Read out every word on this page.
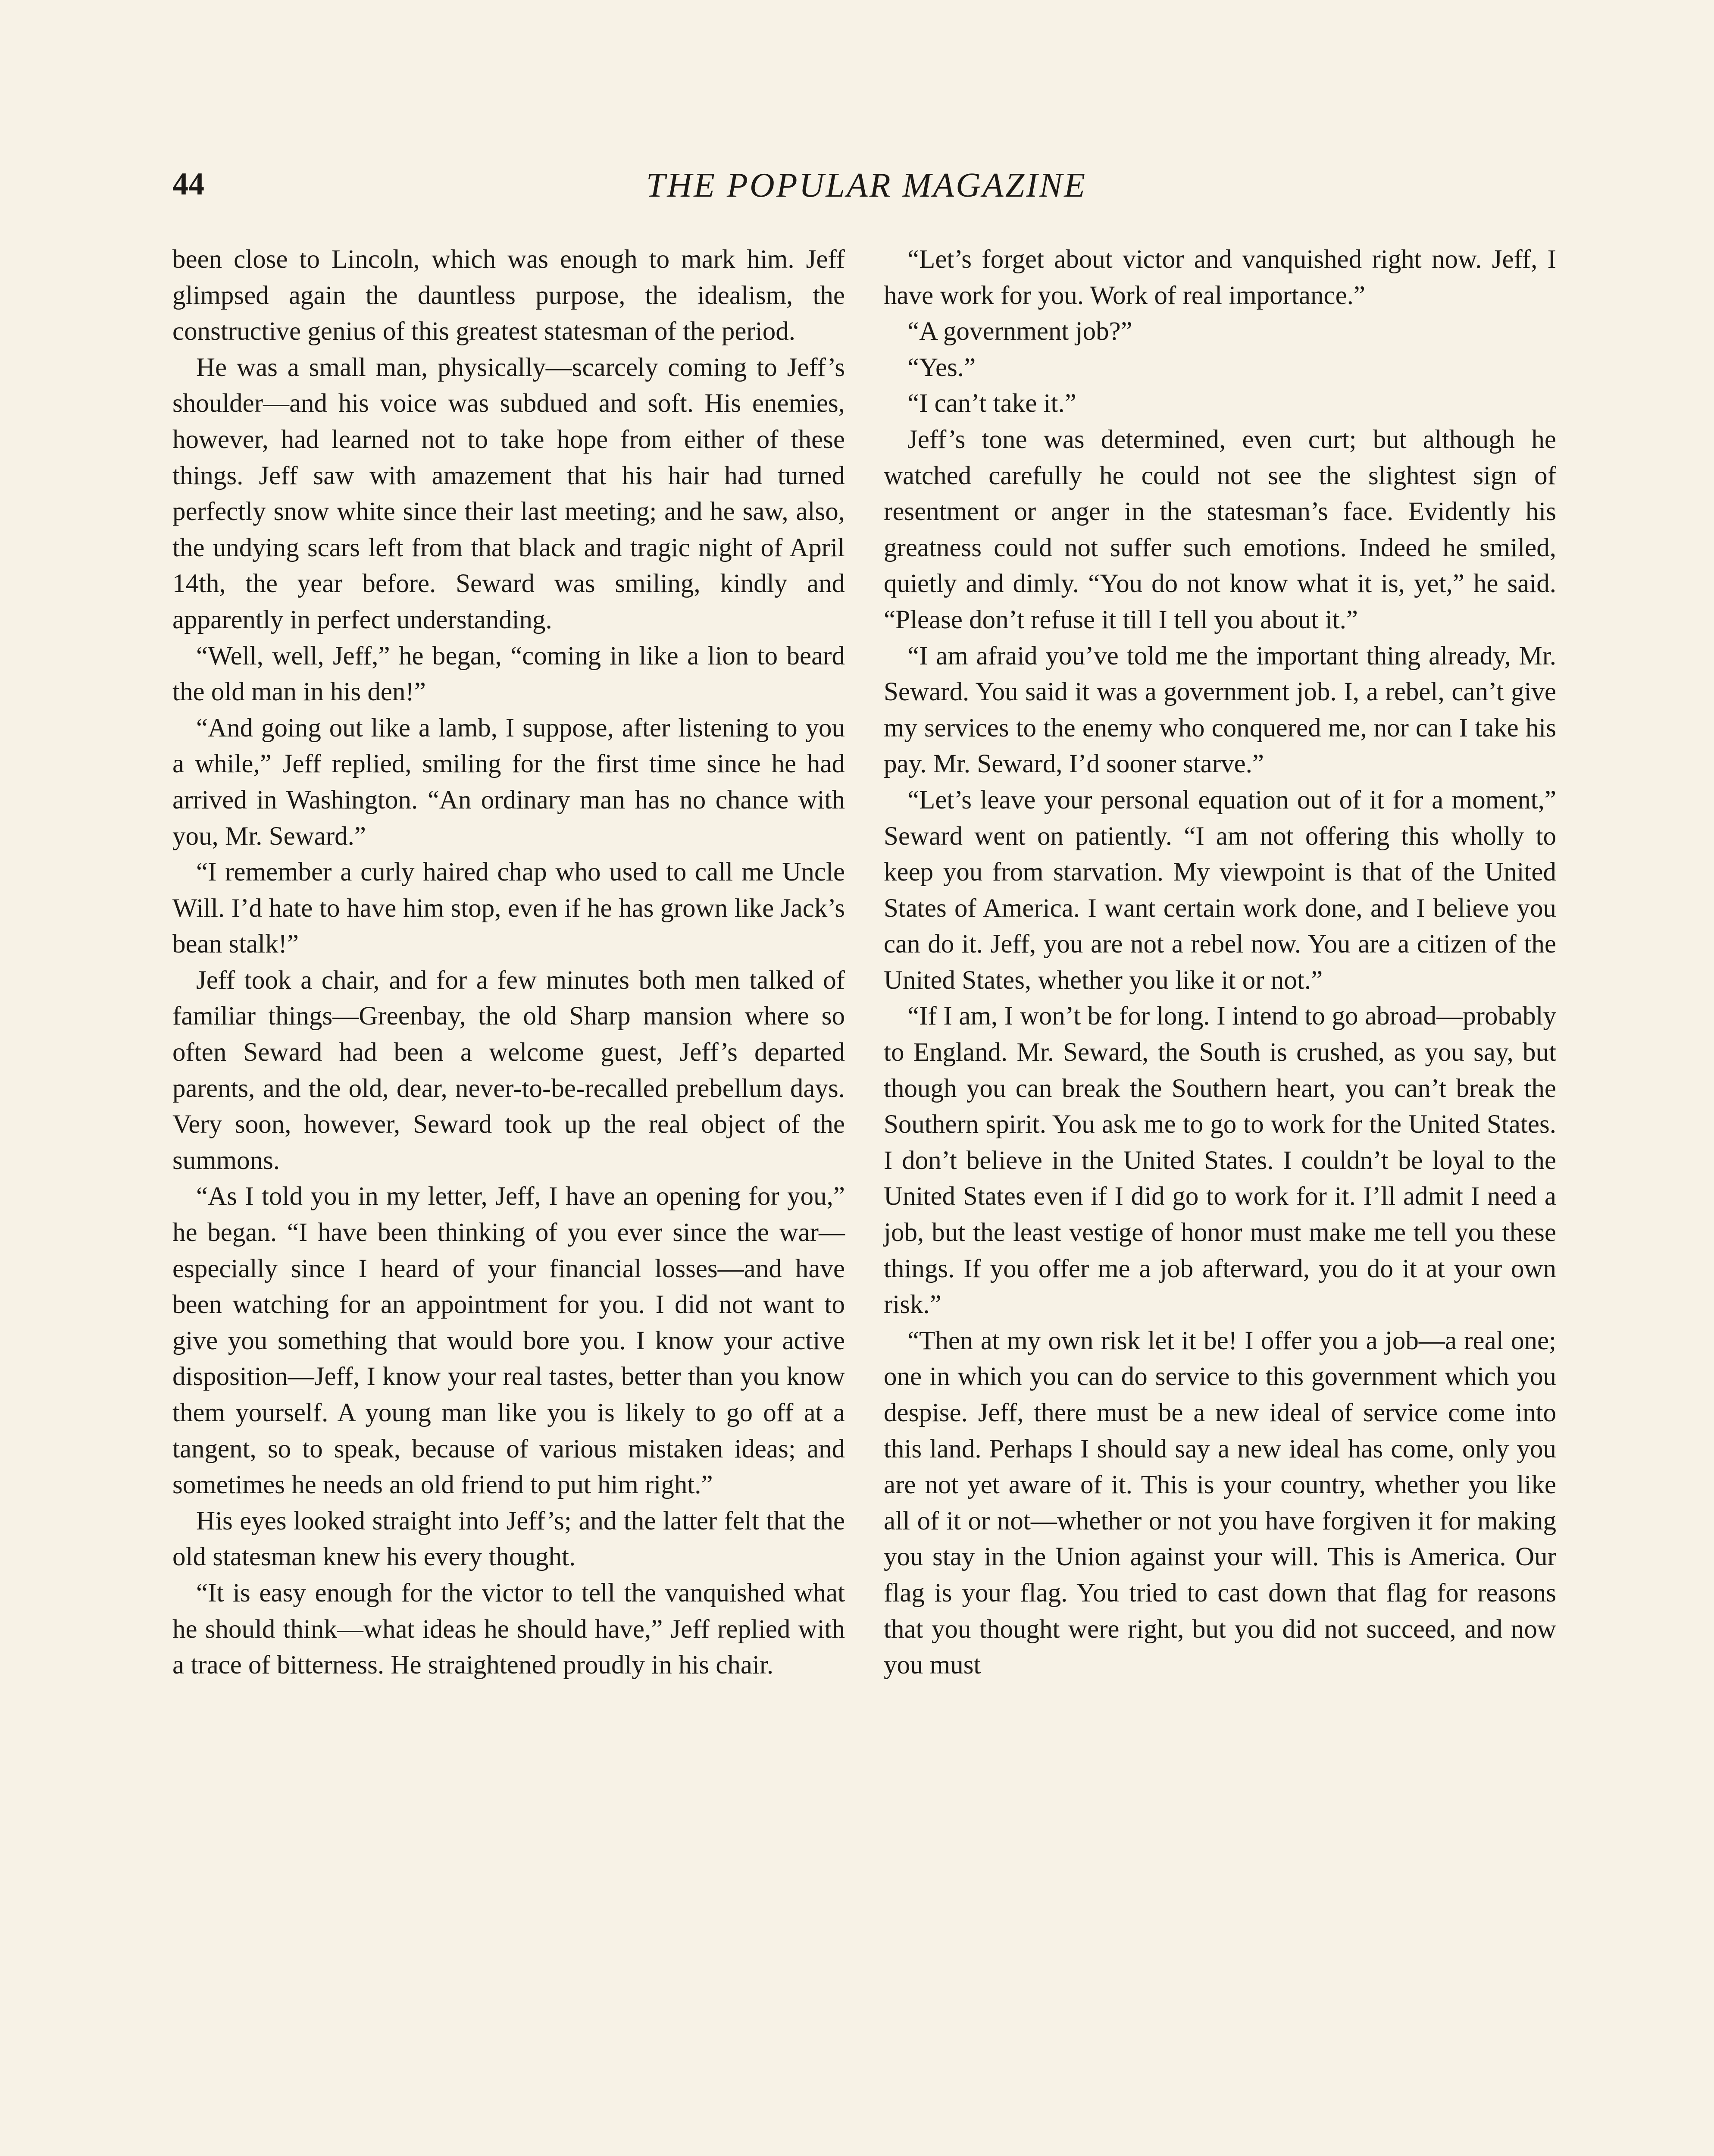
44	THE POPULAR MAGAZINE

been close to Lincoln, which was enough to mark him. Jeff glimpsed again the dauntless purpose, the idealism, the constructive genius of this greatest statesman of the period.

He was a small man, physically—scarcely coming to Jeff’s shoulder—and his voice was subdued and soft. His enemies, however, had learned not to take hope from either of these things. Jeff saw with amazement that his hair had turned perfectly snow white since their last meeting; and he saw, also, the undying scars left from that black and tragic night of April 14th, the year before. Seward was smiling, kindly and apparently in perfect understanding.

“Well, well, Jeff,” he began, “coming in like a lion to beard the old man in his den!”

“And going out like a lamb, I suppose, after listening to you a while,” Jeff replied, smiling for the first time since he had arrived in Washington. “An ordinary man has no chance with you, Mr. Seward.”

“I remember a curly haired chap who used to call me Uncle Will. I’d hate to have him stop, even if he has grown like Jack’s bean stalk!”

Jeff took a chair, and for a few minutes both men talked of familiar things—Greenbay, the old Sharp mansion where so often Seward had been a welcome guest, Jeff’s departed parents, and the old, dear, never-to-be-recalled prebellum days. Very soon, however, Seward took up the real object of the summons.

“As I told you in my letter, Jeff, I have an opening for you,” he began. “I have been thinking of you ever since the war—especially since I heard of your financial losses—and have been watching for an appointment for you. I did not want to give you something that would bore you. I know your active disposition—Jeff, I know your real tastes, better than you know them yourself. A young man like you is likely to go off at a tangent, so to speak, because of various mistaken ideas; and sometimes he needs an old friend to put him right.”

His eyes looked straight into Jeff’s; and the latter felt that the old statesman knew his every thought.

“It is easy enough for the victor to tell the vanquished what he should think—what ideas he should have,” Jeff replied with a trace of bitterness. He straightened proudly in his chair.

“Let’s forget about victor and vanquished right now. Jeff, I have work for you. Work of real importance.”

“A government job?”

“Yes.”

“I can’t take it.”

Jeff’s tone was determined, even curt; but although he watched carefully he could not see the slightest sign of resentment or anger in the statesman’s face. Evidently his greatness could not suffer such emotions. Indeed he smiled, quietly and dimly. “You do not know what it is, yet,” he said. “Please don’t refuse it till I tell you about it.”

“I am afraid you’ve told me the important thing already, Mr. Seward. You said it was a government job. I, a rebel, can’t give my services to the enemy who conquered me, nor can I take his pay. Mr. Seward, I’d sooner starve.”

“Let’s leave your personal equation out of it for a moment,” Seward went on patiently. “I am not offering this wholly to keep you from starvation. My viewpoint is that of the United States of America. I want certain work done, and I believe you can do it. Jeff, you are not a rebel now. You are a citizen of the United States, whether you like it or not.”

“If I am, I won’t be for long. I intend to go abroad—probably to England. Mr. Seward, the South is crushed, as you say, but though you can break the Southern heart, you can’t break the Southern spirit. You ask me to go to work for the United States. I don’t believe in the United States. I couldn’t be loyal to the United States even if I did go to work for it. I’ll admit I need a job, but the least vestige of honor must make me tell you these things. If you offer me a job afterward, you do it at your own risk.”

“Then at my own risk let it be! I offer you a job—a real one; one in which you can do service to this government which you despise. Jeff, there must be a new ideal of service come into this land. Perhaps I should say a new ideal has come, only you are not yet aware of it. This is your country, whether you like all of it or not—whether or not you have forgiven it for making you stay in the Union against your will. This is America. Our flag is your flag. You tried to cast down that flag for reasons that you thought were right, but you did not succeed, and now you must
